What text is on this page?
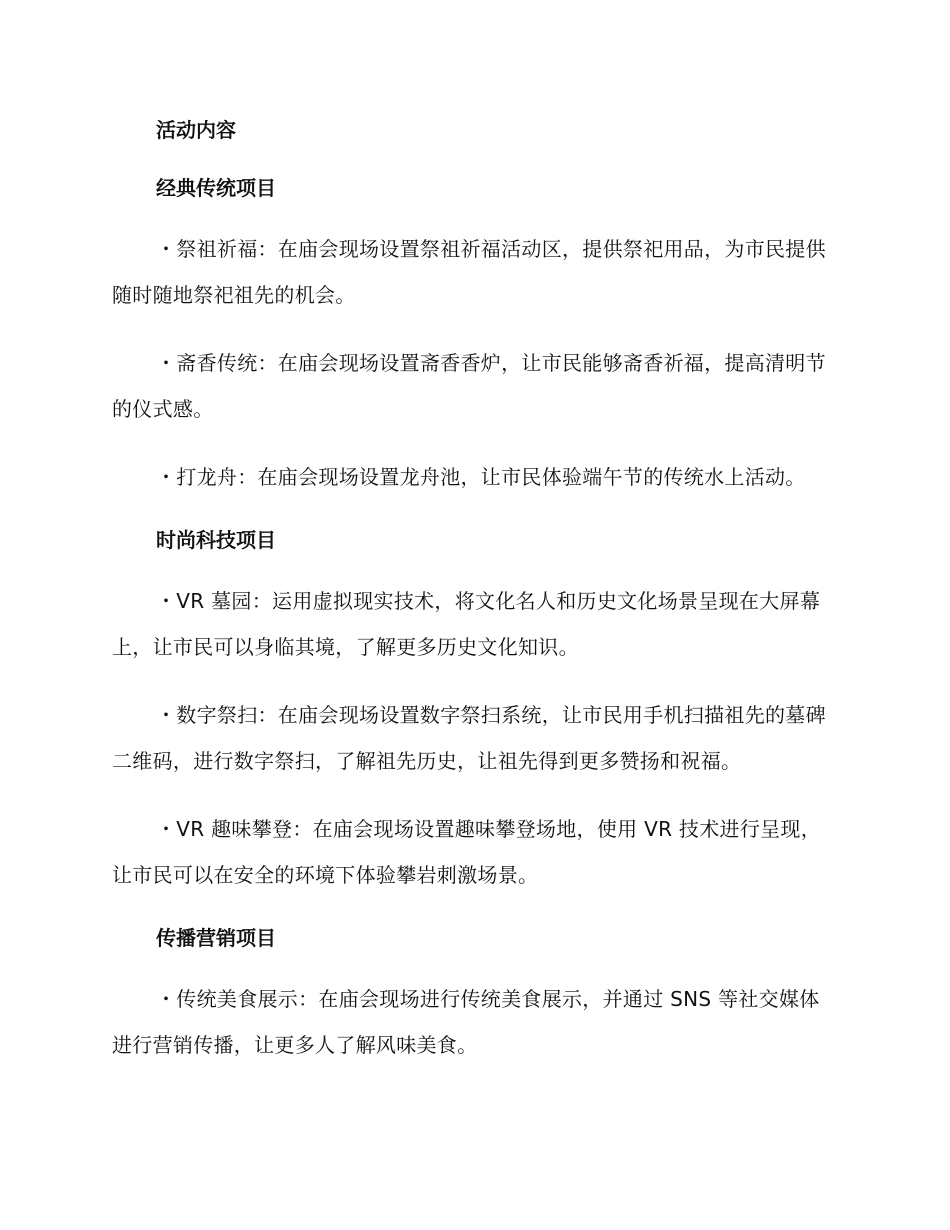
活动内容
经典传统项目

・祭祖祈福：在庙会现场设置祭祖祈福活动区，提供祭祀用品，为市民提供随时随地祭祀祖先的机会。

・斋香传统：在庙会现场设置斋香香炉，让市民能够斋香祈福，提高清明节的仪式感。

・打龙舟：在庙会现场设置龙舟池，让市民体验端午节的传统水上活动。

时尚科技项目

・VR 墓园：运用虚拟现实技术，将文化名人和历史文化场景呈现在大屏幕上，让市民可以身临其境，了解更多历史文化知识。

・数字祭扫：在庙会现场设置数字祭扫系统，让市民用手机扫描祖先的墓碑二维码，进行数字祭扫，了解祖先历史，让祖先得到更多赞扬和祝福。

・VR 趣味攀登：在庙会现场设置趣味攀登场地，使用 VR 技术进行呈现，让市民可以在安全的环境下体验攀岩刺激场景。

传播营销项目

・传统美食展示：在庙会现场进行传统美食展示，并通过 SNS 等社交媒体进行营销传播，让更多人了解风味美食。
